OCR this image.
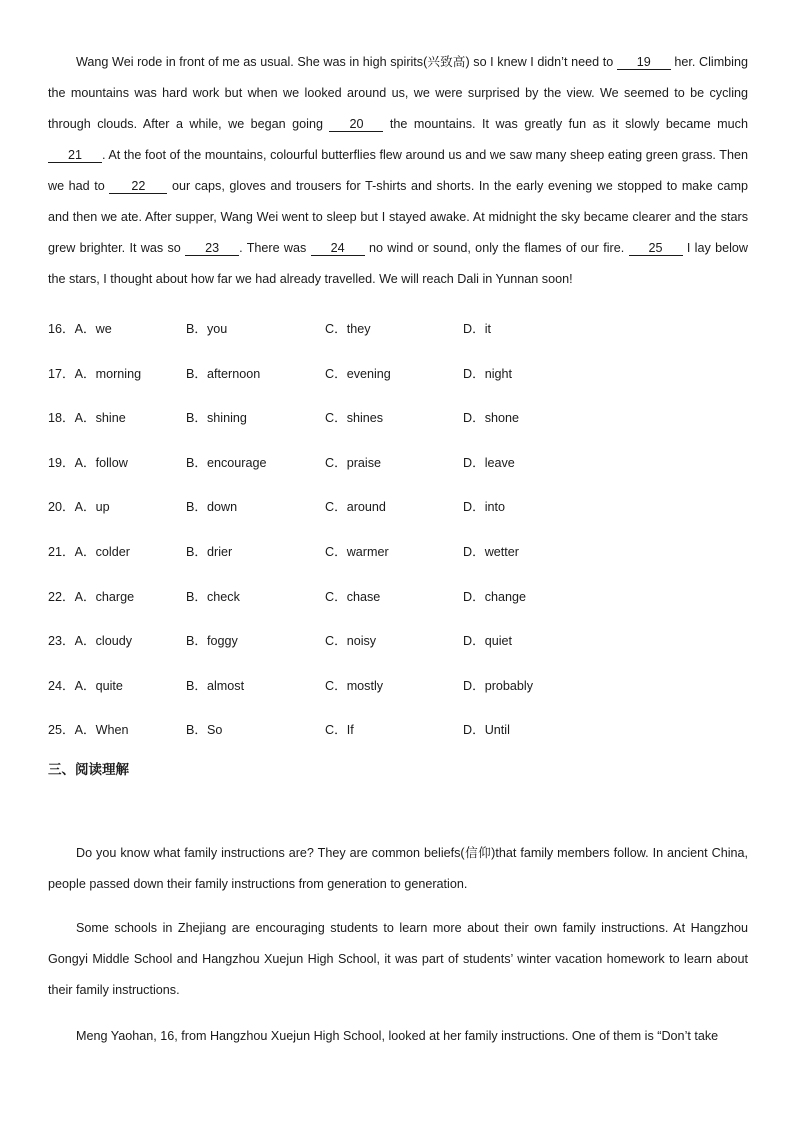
Wang Wei rode in front of me as usual. She was in high spirits(兴致高) so I knew I didn’t need to 19 her. Climbing the mountains was hard work but when we looked around us, we were surprised by the view. We seemed to be cycling through clouds. After a while, we began going 20 the mountains. It was greatly fun as it slowly became much 21 . At the foot of the mountains, colourful butterflies flew around us and we saw many sheep eating green grass. Then we had to 22 our caps, gloves and trousers for T-shirts and shorts. In the early evening we stopped to make camp and then we ate. After supper, Wang Wei went to sleep but I stayed awake. At midnight the sky became clearer and the stars grew brighter. It was so 23 . There was 24 no wind or sound, only the flames of our fire. 25 I lay below the stars, I thought about how far we had already travelled. We will reach Dali in Yunnan soon!

16．A．we	B．you	C．they	D．it
17．A．morning	B．afternoon	C．evening	D．night
18．A．shine	B．shining	C．shines	D．shone
19．A．follow	B．encourage	C．praise	D．leave
20．A．up	B．down	C．around	D．into
21．A．colder	B．drier	C．warmer	D．wetter
22．A．charge	B．check	C．chase	D．change
23．A．cloudy	B．foggy	C．noisy	D．quiet
24．A．quite	B．almost	C．mostly	D．probably
25．A．When	B．So	C．If	D．Until
三、阅读理解

Do you know what family instructions are? They are common beliefs(信仰)that family members follow. In ancient China, people passed down their family instructions from generation to generation.

Some schools in Zhejiang are encouraging students to learn more about their own family instructions. At Hangzhou Gongyi Middle School and Hangzhou Xuejun High School, it was part of students’ winter vacation homework to learn about their family instructions.

Meng Yaohan, 16, from Hangzhou Xuejun High School, looked at her family instructions. One of them is “Don’t take
